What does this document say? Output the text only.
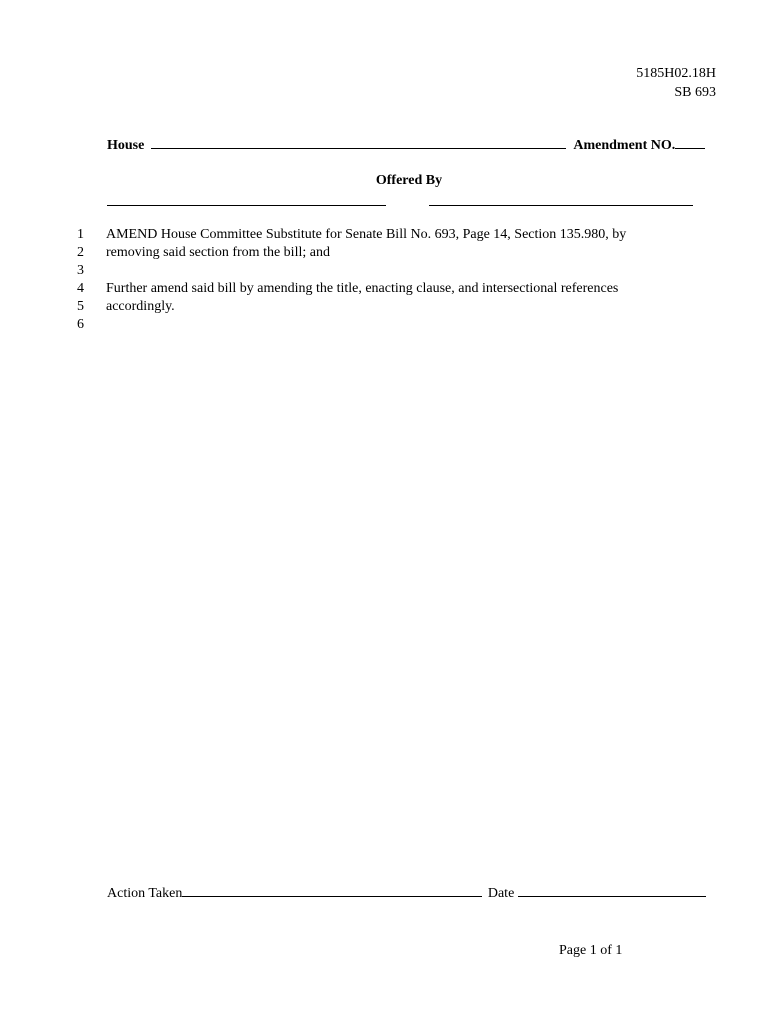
5185H02.18H
SB 693
House	Amendment NO.
Offered By
1 AMEND House Committee Substitute for Senate Bill No. 693, Page 14, Section 135.980, by
2 removing said section from the bill; and
3
4 Further amend said bill by amending the title, enacting clause, and intersectional references
5 accordingly.
6
Action Taken	Date
Page 1 of 1
